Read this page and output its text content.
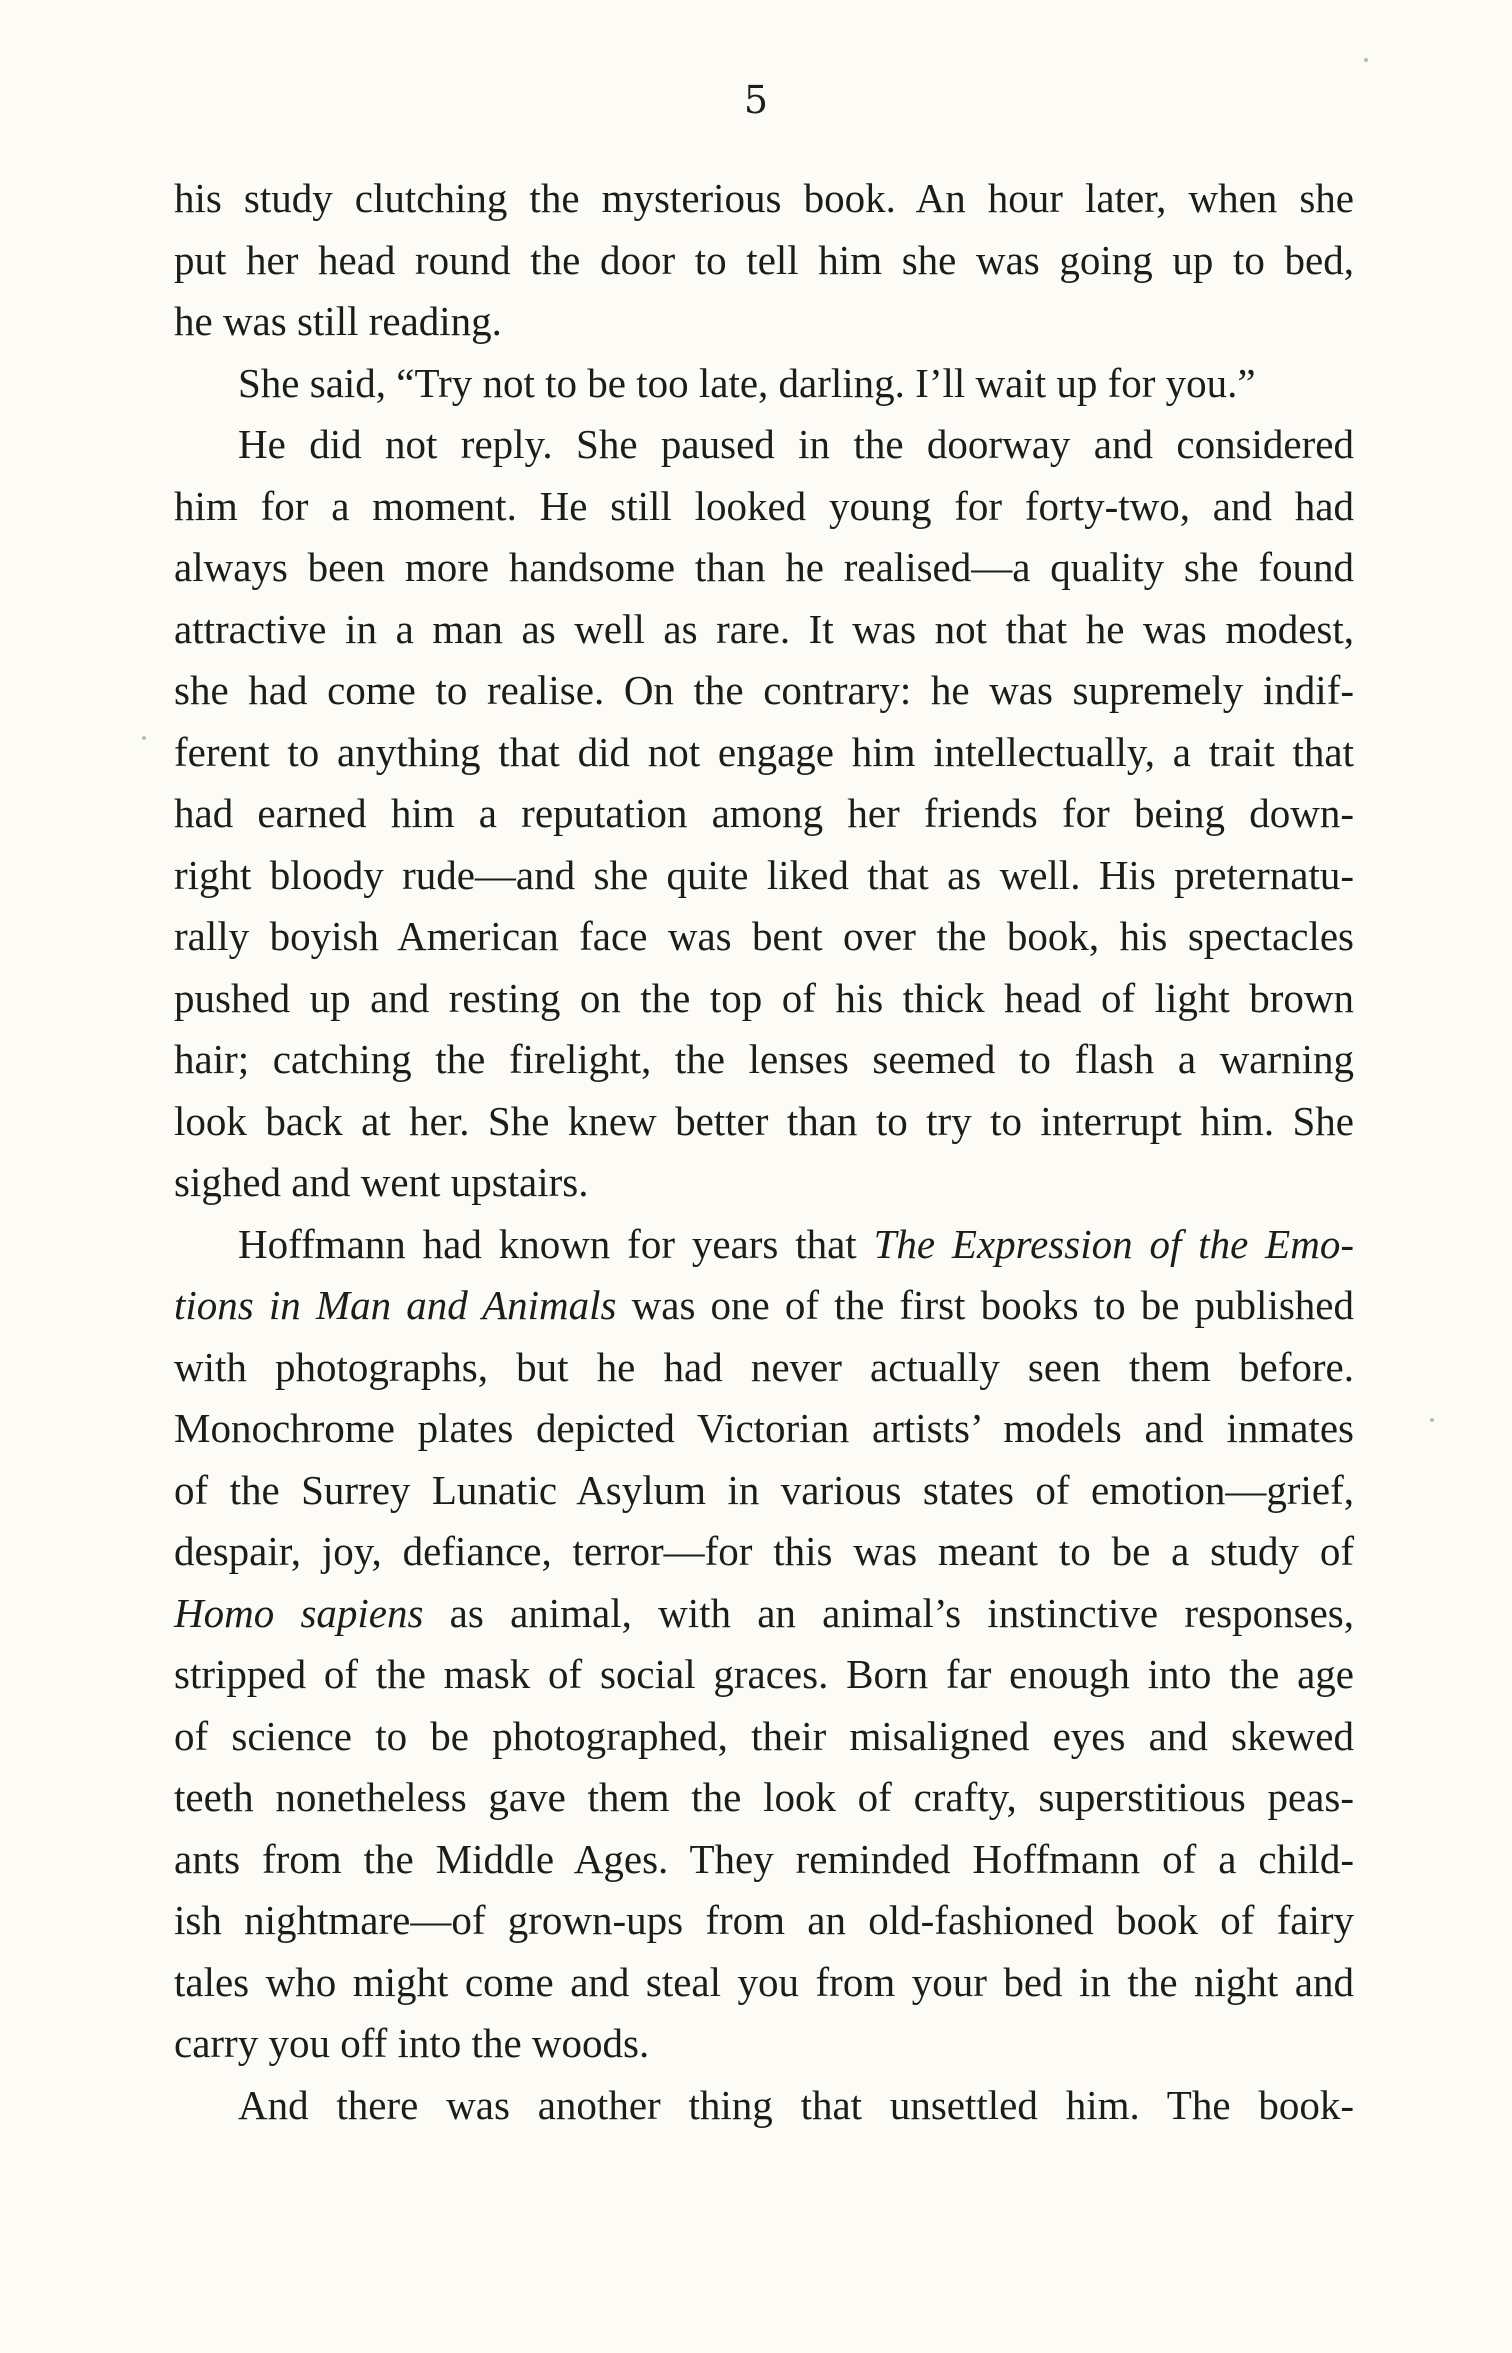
5
his study clutching the mysterious book. An hour later, when she
put her head round the door to tell him she was going up to bed,
he was still reading.
She said, “Try not to be too late, darling. I’ll wait up for you.”
He did not reply. She paused in the doorway and considered
him for a moment. He still looked young for forty-two, and had
always been more handsome than he realised—a quality she found
attractive in a man as well as rare. It was not that he was modest,
she had come to realise. On the contrary: he was supremely indif-
ferent to anything that did not engage him intellectually, a trait that
had earned him a reputation among her friends for being down-
right bloody rude—and she quite liked that as well. His preternatu-
rally boyish American face was bent over the book, his spectacles
pushed up and resting on the top of his thick head of light brown
hair; catching the firelight, the lenses seemed to flash a warning
look back at her. She knew better than to try to interrupt him. She
sighed and went upstairs.
Hoffmann had known for years that The Expression of the Emo-
tions in Man and Animals was one of the first books to be published
with photographs, but he had never actually seen them before.
Monochrome plates depicted Victorian artists’ models and inmates
of the Surrey Lunatic Asylum in various states of emotion—grief,
despair, joy, defiance, terror—for this was meant to be a study of
Homo sapiens as animal, with an animal’s instinctive responses,
stripped of the mask of social graces. Born far enough into the age
of science to be photographed, their misaligned eyes and skewed
teeth nonetheless gave them the look of crafty, superstitious peas-
ants from the Middle Ages. They reminded Hoffmann of a child-
ish nightmare—of grown-ups from an old-fashioned book of fairy
tales who might come and steal you from your bed in the night and
carry you off into the woods.
And there was another thing that unsettled him. The book-
